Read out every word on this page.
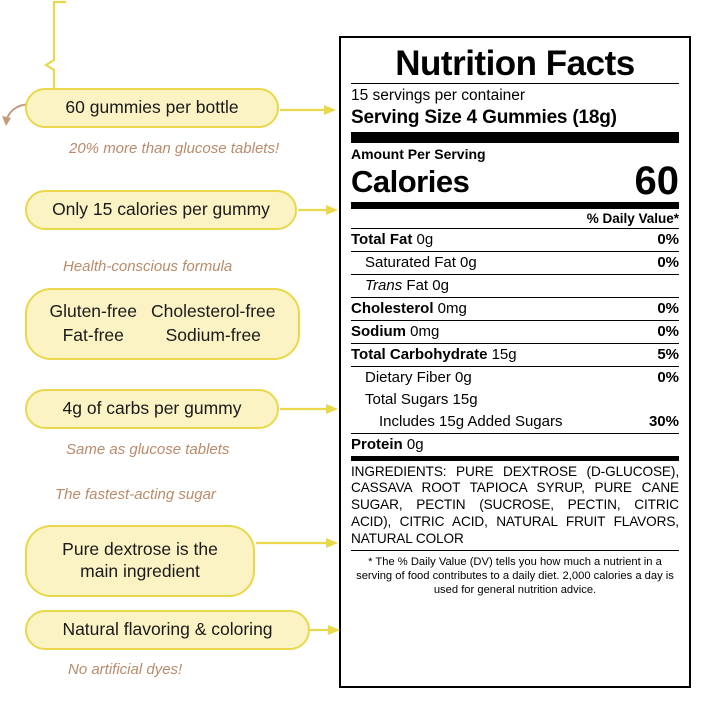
Nutrition Facts
15 servings per container
Serving Size 4 Gummies (18g)
Amount Per Serving
Calories	60
% Daily Value*
Total Fat 0g	0%
Saturated Fat 0g	0%
Trans Fat 0g
Cholesterol 0mg	0%
Sodium 0mg	0%
Total Carbohydrate 15g	5%
Dietary Fiber 0g	0%
Total Sugars 15g
Includes 15g Added Sugars	30%
Protein 0g
INGREDIENTS: PURE DEXTROSE (D-GLUCOSE), CASSAVA ROOT TAPIOCA SYRUP, PURE CANE SUGAR, PECTIN (SUCROSE, PECTIN, CITRIC ACID), CITRIC ACID, NATURAL FRUIT FLAVORS, NATURAL COLOR
* The % Daily Value (DV) tells you how much a nutrient in a serving of food contributes to a daily diet. 2,000 calories a day is used for general nutrition advice.
60 gummies per bottle
20% more than glucose tablets!

Only 15 calories per gummy
Health-conscious formula
Gluten-free Cholesterol-free
Fat-free Sodium-free

4g of carbs per gummy
Same as glucose tablets

The fastest-acting sugar

Pure dextrose is the
main ingredient
Natural flavoring & coloring
No artificial dyes!
